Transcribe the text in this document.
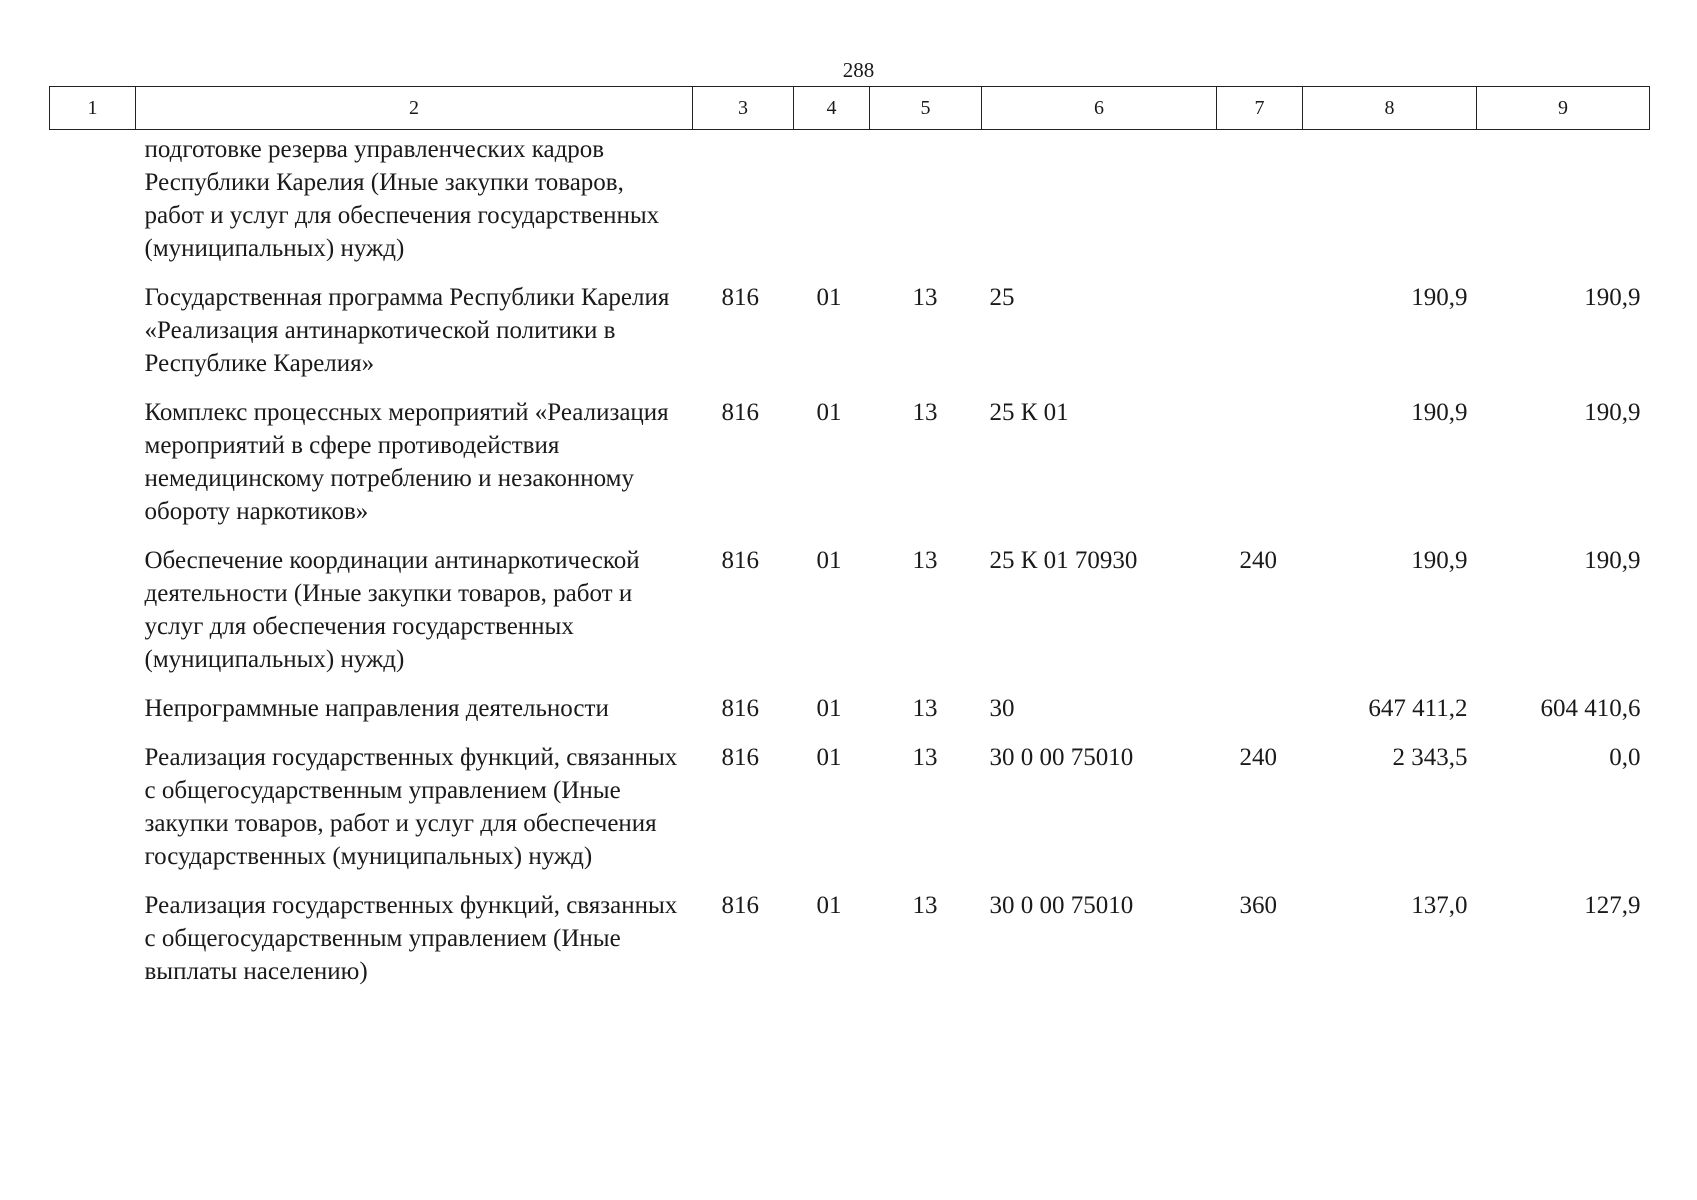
288
1	2	3	4	5	6	7	8	9
подготовке резерва управленческих кадров Республики Карелия (Иные закупки товаров, работ и услуг для обеспечения государственных (муниципальных) нужд)								
Государственная программа Республики Карелия «Реализация антинаркотической политики в Республике Карелия»		816	01	13	25		190,9	190,9
Комплекс процессных мероприятий «Реализация мероприятий в сфере противодействия немедицинскому потреблению и незаконному обороту наркотиков»		816	01	13	25 К 01		190,9	190,9
Обеспечение координации антинаркотической деятельности (Иные закупки товаров, работ и услуг для обеспечения государственных (муниципальных) нужд)		816	01	13	25 К 01 70930	240	190,9	190,9
Непрограммные направления деятельности		816	01	13	30		647 411,2	604 410,6
Реализация государственных функций, связанных с общегосударственным управлением (Иные закупки товаров, работ и услуг для обеспечения государственных (муниципальных) нужд)		816	01	13	30 0 00 75010	240	2 343,5	0,0
Реализация государственных функций, связанных с общегосударственным управлением (Иные выплаты населению)		816	01	13	30 0 00 75010	360	137,0	127,9
